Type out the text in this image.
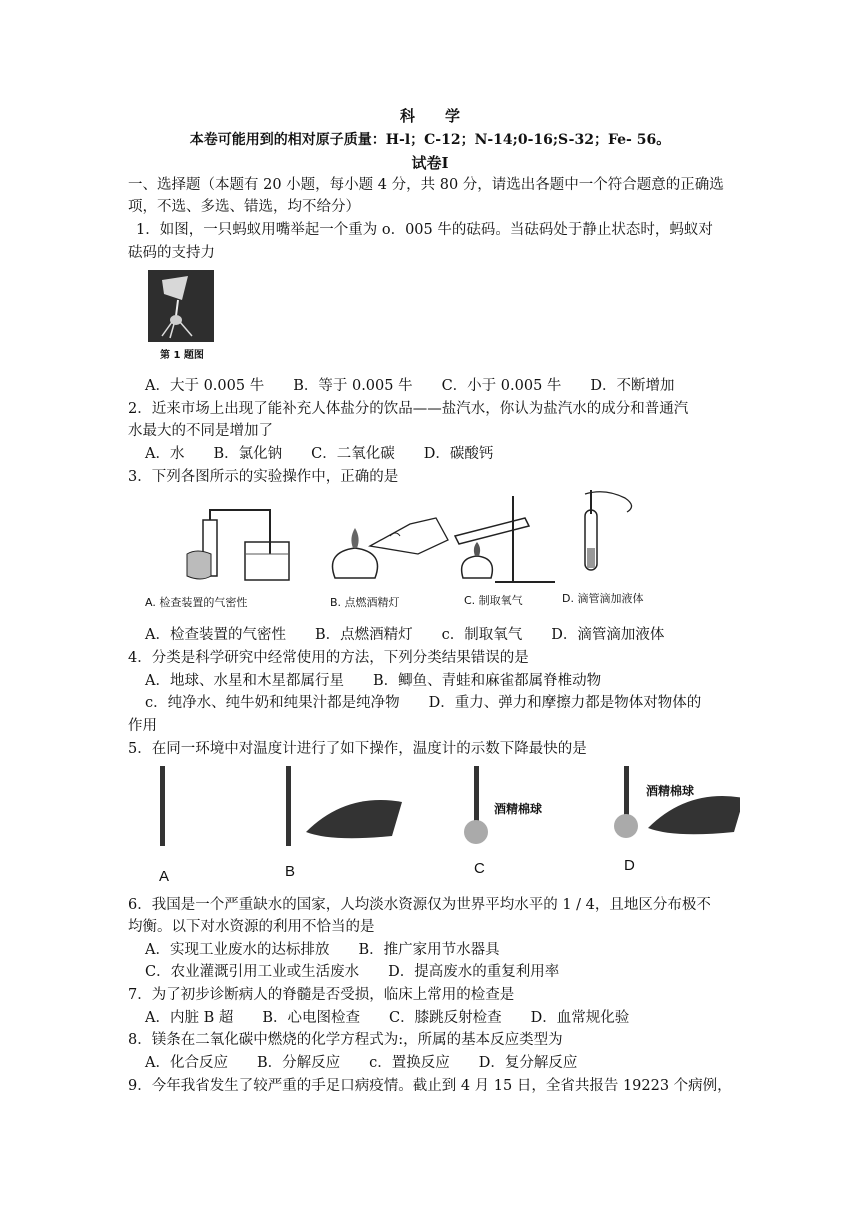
科　　学
本卷可能用到的相对原子质量：H-l；C-12；N-14;0-16;S-32；Fe- 56。
试卷Ⅰ
一、选择题（本题有 20 小题，每小题 4 分，共 80 分，请选出各题中一个符合题意的正确选
项，不选、多选、错选，均不给分）
1．如图，一只蚂蚁用嘴举起一个重为 o．005 牛的砝码。当砝码处于静止状态时，蚂蚁对
砝码的支持力
第 1 题图
A．大于 0.005 牛　　B．等于 0.005 牛　　C．小于 0.005 牛　　D．不断增加
2．近来市场上出现了能补充人体盐分的饮品——盐汽水，你认为盐汽水的成分和普通汽
水最大的不同是增加了
A．水　　B．氯化钠　　C．二氧化碳　　D．碳酸钙
3．下列各图所示的实验操作中，正确的是
A. 检查装置的气密性	B. 点燃酒精灯	C. 制取氧气	D. 滴管滴加液体
A．检查装置的气密性　　B．点燃酒精灯　　c．制取氧气　　D．滴管滴加液体
4．分类是科学研究中经常使用的方法，下列分类结果错误的是
A．地球、水星和木星都属行星　　B．鲫鱼、青蛙和麻雀都属脊椎动物
c．纯净水、纯牛奶和纯果汁都是纯净物　　D．重力、弹力和摩擦力都是物体对物体的
作用
5．在同一环境中对温度计进行了如下操作，温度计的示数下降最快的是
酒精棉球
酒精棉球
A	B	C	D
6．我国是一个严重缺水的国家，人均淡水资源仅为世界平均水平的 1 / 4，且地区分布极不
均衡。以下对水资源的利用不恰当的是
A．实现工业废水的达标排放　　B．推广家用节水器具
C．农业灌溉引用工业或生活废水　　D．提高废水的重复利用率
7．为了初步诊断病人的脊髓是否受损，临床上常用的检查是
A．内脏 B 超　　B．心电图检查　　C．膝跳反射检查　　D．血常规化验
8．镁条在二氧化碳中燃烧的化学方程式为:，所属的基本反应类型为
A．化合反应　　B．分解反应　　c．置换反应　　D．复分解反应
9．今年我省发生了较严重的手足口病疫情。截止到 4 月 15 日，全省共报告 19223 个病例，
